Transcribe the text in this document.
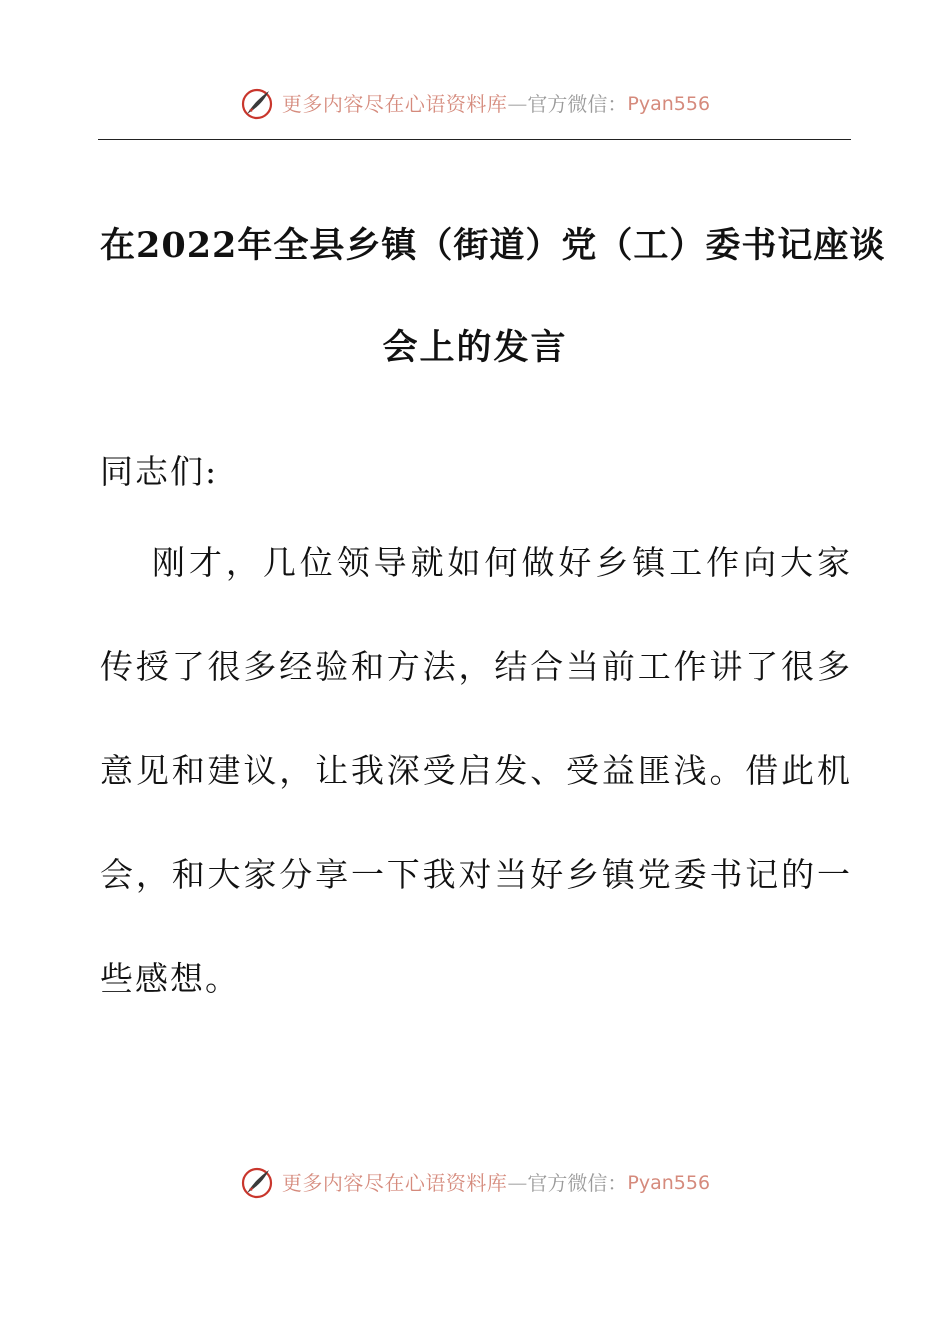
更多内容尽在心语资料库 — 官方微信： Pyan556
在2022年全县乡镇（街道）党（工）委书记座谈
会上的发言
同志们:
刚才，几位领导就如何做好乡镇工作向大家
传授了很多经验和方法，结合当前工作讲了很多
意见和建议，让我深受启发、受益匪浅。借此机
会，和大家分享一下我对当好乡镇党委书记的一
些感想。
更多内容尽在心语资料库 — 官方微信： Pyan556
